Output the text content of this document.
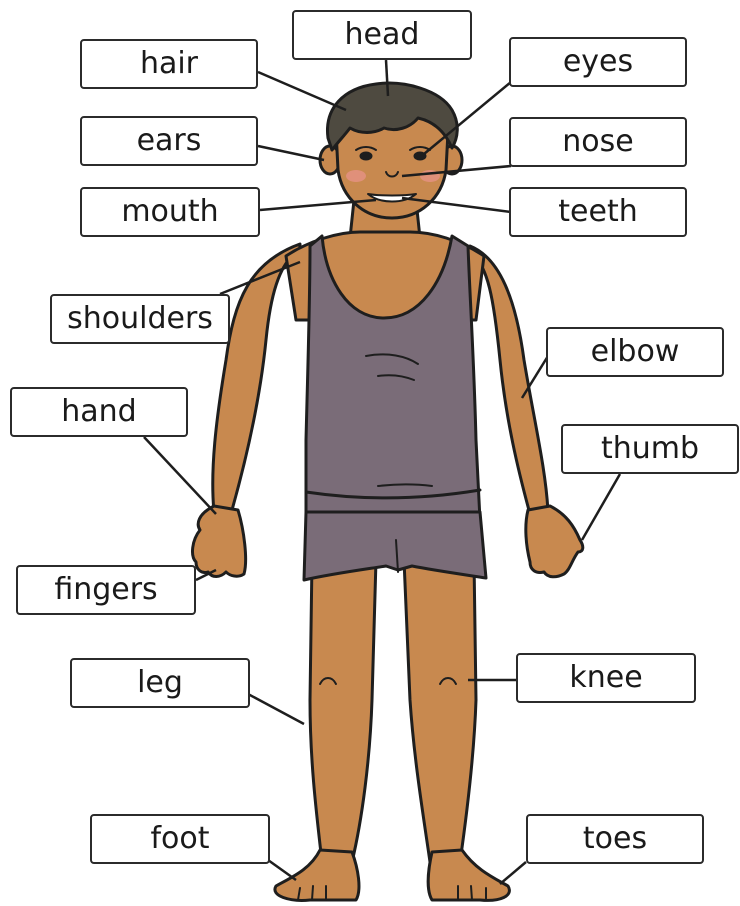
head
hair	eyes
ears	nose
mouth	teeth
shoulders
elbow
hand
thumb
fingers
leg	knee
foot	toes
